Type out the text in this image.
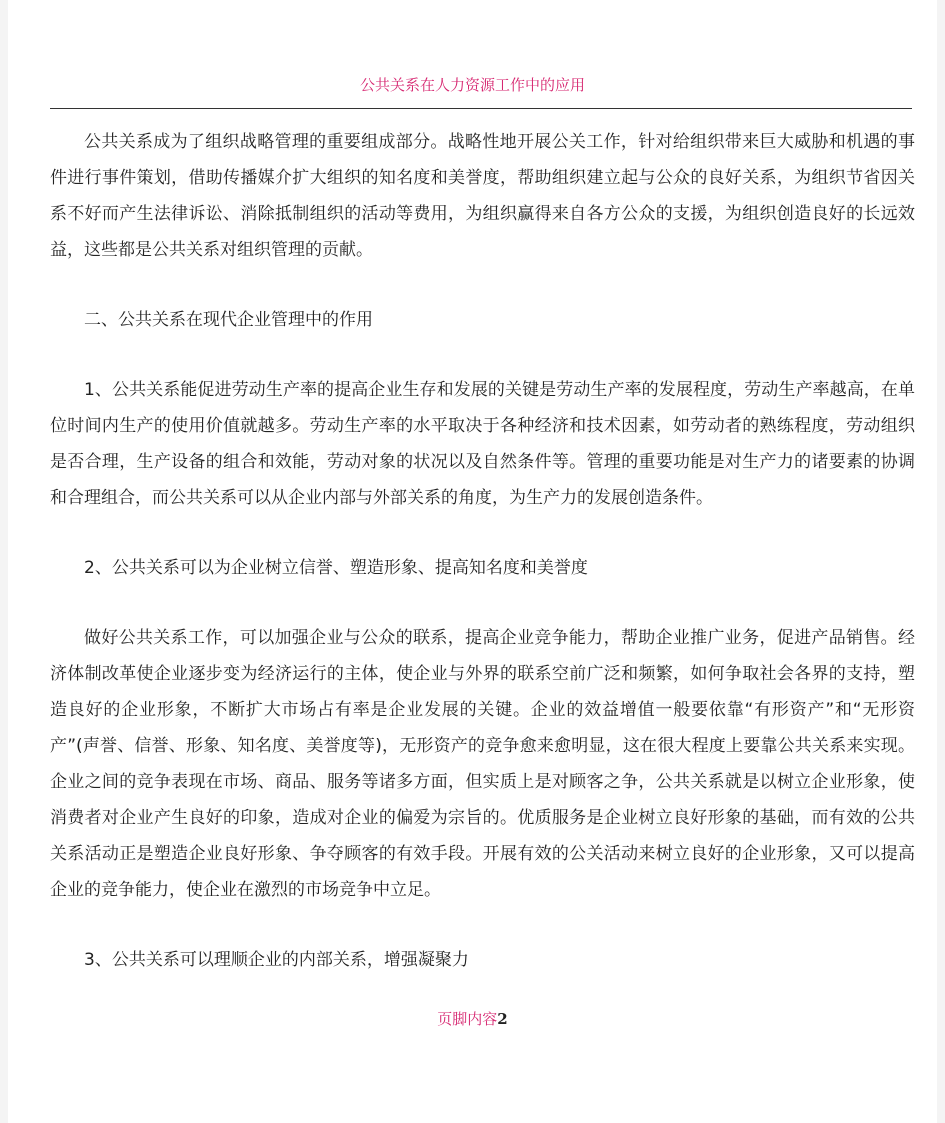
公共关系在人力资源工作中的应用

公共关系成为了组织战略管理的重要组成部分。战略性地开展公关工作，针对给组织带来巨大威胁和机遇的事件进行事件策划，借助传播媒介扩大组织的知名度和美誉度，帮助组织建立起与公众的良好关系，为组织节省因关系不好而产生法律诉讼、消除抵制组织的活动等费用，为组织赢得来自各方公众的支援，为组织创造良好的长远效益，这些都是公共关系对组织管理的贡献。

二、公共关系在现代企业管理中的作用

1、公共关系能促进劳动生产率的提高企业生存和发展的关键是劳动生产率的发展程度，劳动生产率越高，在单位时间内生产的使用价值就越多。劳动生产率的水平取决于各种经济和技术因素，如劳动者的熟练程度，劳动组织是否合理，生产设备的组合和效能，劳动对象的状况以及自然条件等。管理的重要功能是对生产力的诸要素的协调和合理组合，而公共关系可以从企业内部与外部关系的角度，为生产力的发展创造条件。

2、公共关系可以为企业树立信誉、塑造形象、提高知名度和美誉度

做好公共关系工作，可以加强企业与公众的联系，提高企业竞争能力，帮助企业推广业务，促进产品销售。经济体制改革使企业逐步变为经济运行的主体，使企业与外界的联系空前广泛和频繁，如何争取社会各界的支持，塑造良好的企业形象，不断扩大市场占有率是企业发展的关键。企业的效益增值一般要依靠“有形资产”和“无形资产”(声誉、信誉、形象、知名度、美誉度等)，无形资产的竞争愈来愈明显，这在很大程度上要靠公共关系来实现。企业之间的竞争表现在市场、商品、服务等诸多方面，但实质上是对顾客之争，公共关系就是以树立企业形象，使消费者对企业产生良好的印象，造成对企业的偏爱为宗旨的。优质服务是企业树立良好形象的基础，而有效的公共关系活动正是塑造企业良好形象、争夺顾客的有效手段。开展有效的公关活动来树立良好的企业形象，又可以提高企业的竞争能力，使企业在激烈的市场竞争中立足。

3、公共关系可以理顺企业的内部关系，增强凝聚力

页脚内容2
